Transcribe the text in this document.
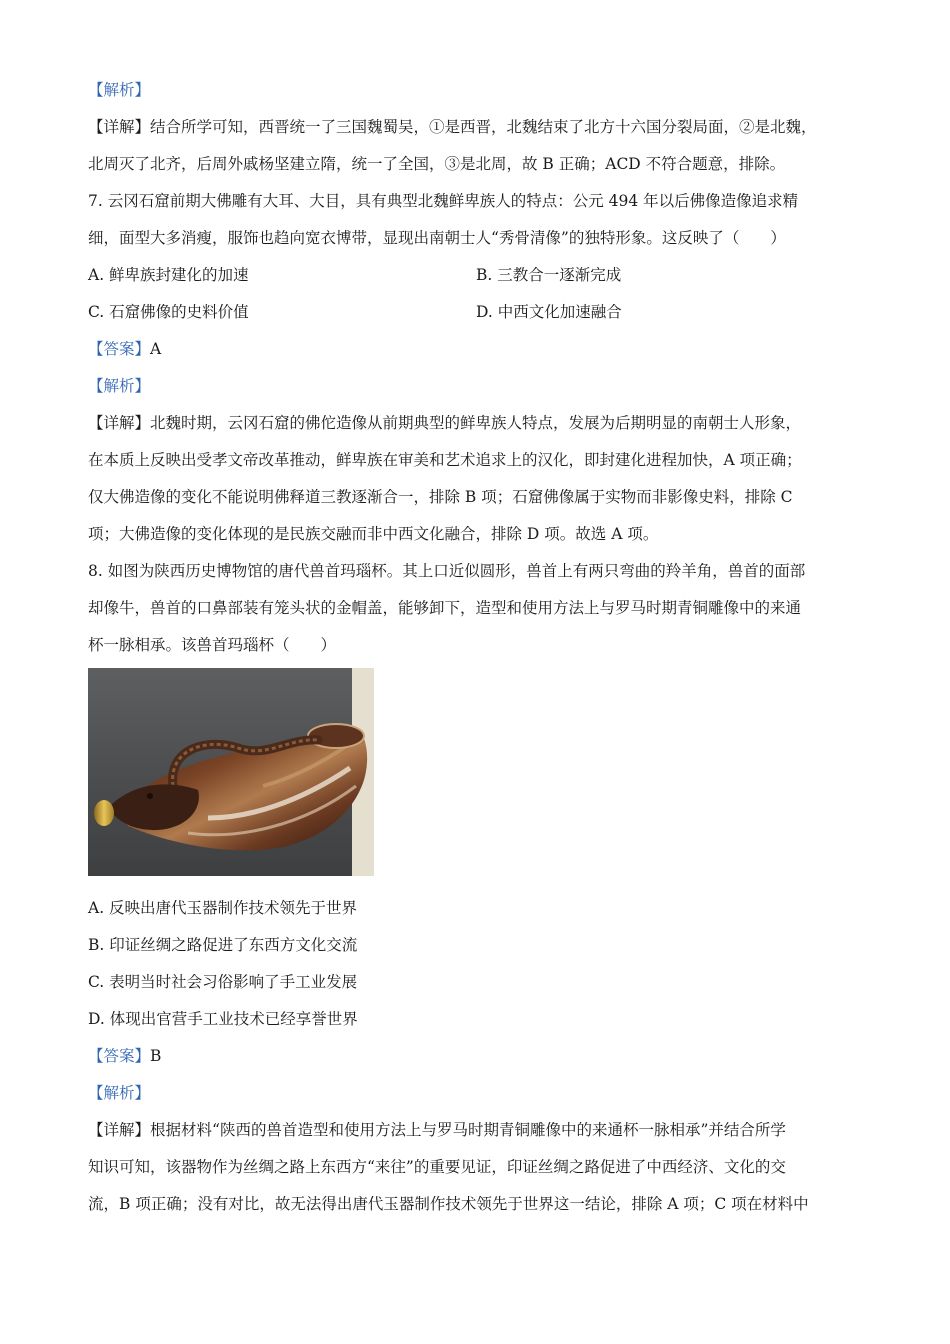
【解析】
【详解】结合所学可知，西晋统一了三国魏蜀吴，①是西晋，北魏结束了北方十六国分裂局面，②是北魏，
北周灭了北齐，后周外戚杨坚建立隋，统一了全国，③是北周，故 B 正确；ACD 不符合题意，排除。
7. 云冈石窟前期大佛雕有大耳、大目，具有典型北魏鲜卑族人的特点：公元 494 年以后佛像造像追求精
细，面型大多消瘦，服饰也趋向宽衣博带，显现出南朝士人“秀骨清像”的独特形象。这反映了（　　）
A. 鲜卑族封建化的加速	B. 三教合一逐渐完成
C. 石窟佛像的史料价值	D. 中西文化加速融合
【答案】A
【解析】
【详解】北魏时期，云冈石窟的佛佗造像从前期典型的鲜卑族人特点，发展为后期明显的南朝士人形象，
在本质上反映出受孝文帝改革推动，鲜卑族在审美和艺术追求上的汉化，即封建化进程加快，A 项正确；
仅大佛造像的变化不能说明佛释道三教逐渐合一，排除 B 项；石窟佛像属于实物而非影像史料，排除 C
项；大佛造像的变化体现的是民族交融而非中西文化融合，排除 D 项。故选 A 项。
8. 如图为陕西历史博物馆的唐代兽首玛瑙杯。其上口近似圆形，兽首上有两只弯曲的羚羊角，兽首的面部
却像牛，兽首的口鼻部装有笼头状的金帽盖，能够卸下，造型和使用方法上与罗马时期青铜雕像中的来通
杯一脉相承。该兽首玛瑙杯（　　）
A. 反映出唐代玉器制作技术领先于世界
B. 印证丝绸之路促进了东西方文化交流
C. 表明当时社会习俗影响了手工业发展
D. 体现出官营手工业技术已经享誉世界
【答案】B
【解析】
【详解】根据材料“陕西的兽首造型和使用方法上与罗马时期青铜雕像中的来通杯一脉相承”并结合所学
知识可知，该器物作为丝绸之路上东西方“来往”的重要见证，印证丝绸之路促进了中西经济、文化的交
流，B 项正确；没有对比，故无法得出唐代玉器制作技术领先于世界这一结论，排除 A 项；C 项在材料中
